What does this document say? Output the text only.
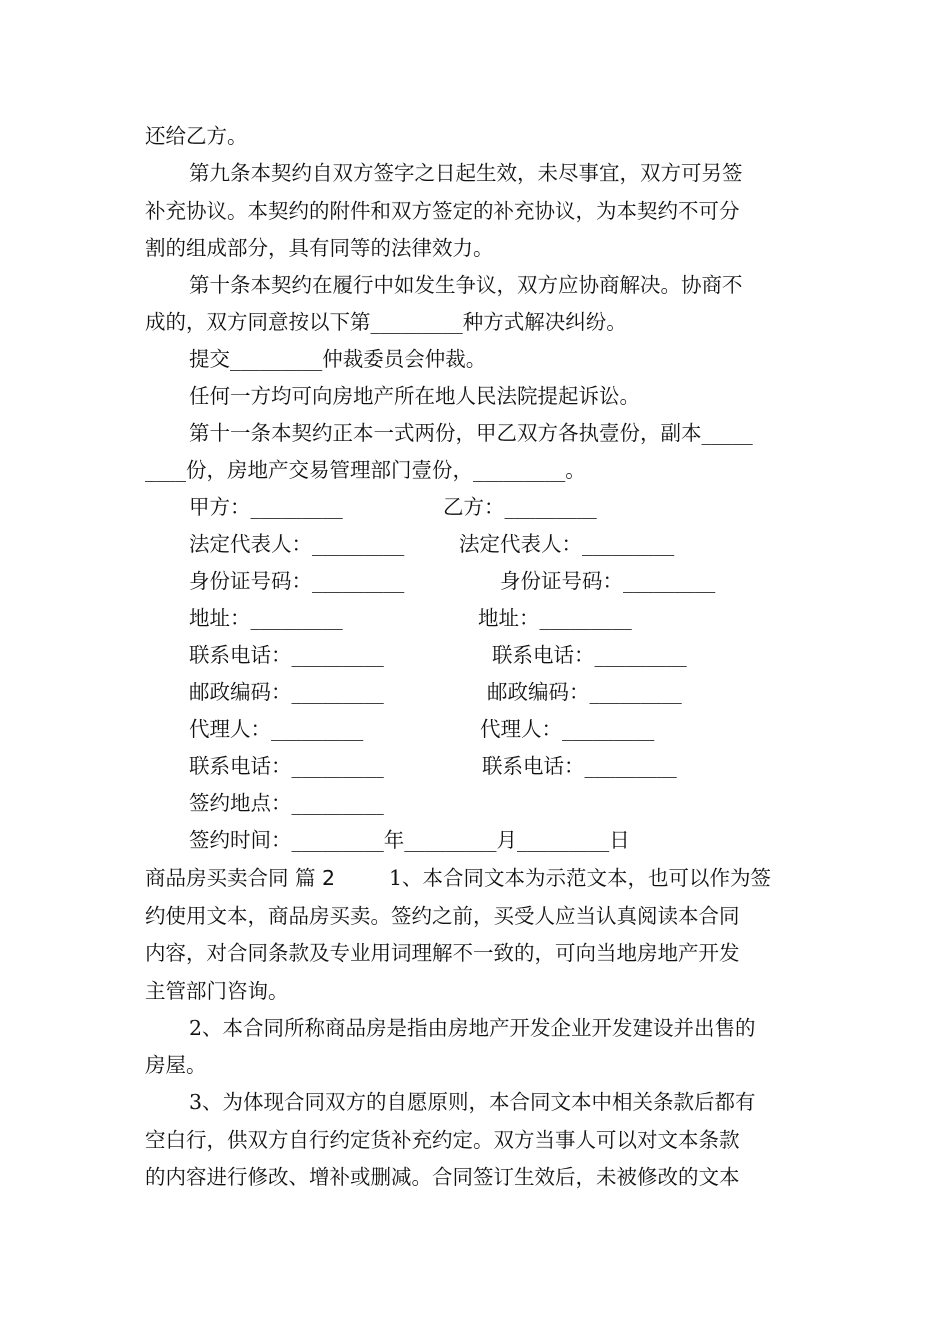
还给乙方。
第九条本契约自双方签字之日起生效，未尽事宜，双方可另签
补充协议。本契约的附件和双方签定的补充协议，为本契约不可分
割的组成部分，具有同等的法律效力。
第十条本契约在履行中如发生争议，双方应协商解决。协商不
成的，双方同意按以下第_________种方式解决纠纷。
提交_________仲裁委员会仲裁。
任何一方均可向房地产所在地人民法院提起诉讼。
第十一条本契约正本一式两份，甲乙双方各执壹份，副本_____
____份，房地产交易管理部门壹份，_________。
甲方：_________
法定代表人：_________
身份证号码：_________
地址：_________
联系电话：_________
邮政编码：_________
代理人：_________
联系电话：_________
签约地点：_________
签约时间：_________年_________月_________日
乙方：_________
法定代表人：_________
身份证号码：_________
地址：_________
联系电话：_________
邮政编码：_________
代理人：_________
联系电话：_________
商品房买卖合同 篇 2	1、本合同文本为示范文本，也可以作为签
约使用文本，商品房买卖。签约之前，买受人应当认真阅读本合同
内容，对合同条款及专业用词理解不一致的，可向当地房地产开发
主管部门咨询。
2、本合同所称商品房是指由房地产开发企业开发建设并出售的
房屋。
3、为体现合同双方的自愿原则，本合同文本中相关条款后都有
空白行，供双方自行约定货补充约定。双方当事人可以对文本条款
的内容进行修改、增补或删减。合同签订生效后，未被修改的文本
